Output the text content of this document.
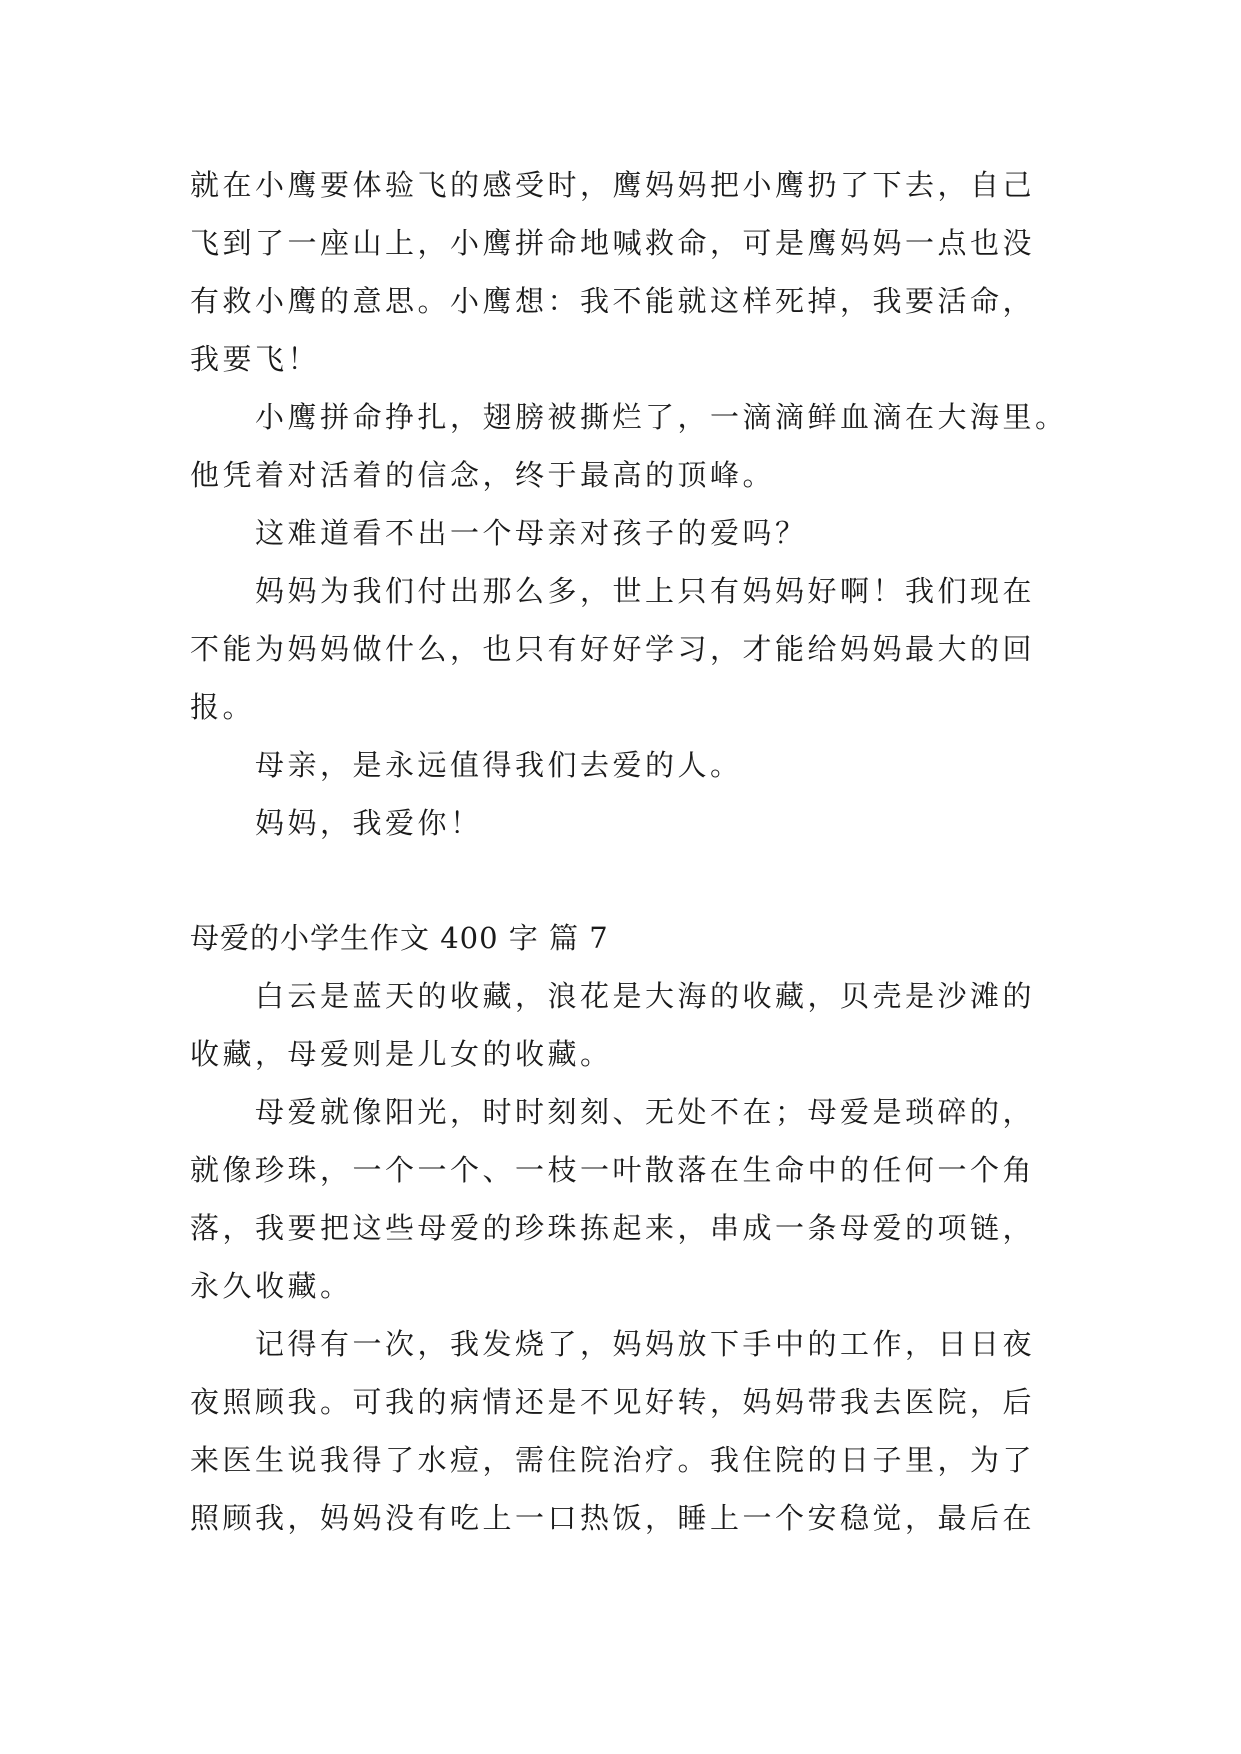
就在小鹰要体验飞的感受时，鹰妈妈把小鹰扔了下去，自己
飞到了一座山上，小鹰拼命地喊救命，可是鹰妈妈一点也没
有救小鹰的意思。小鹰想：我不能就这样死掉，我要活命，
我要飞！
小鹰拼命挣扎，翅膀被撕烂了，一滴滴鲜血滴在大海里。
他凭着对活着的信念，终于最高的顶峰。
这难道看不出一个母亲对孩子的爱吗？
妈妈为我们付出那么多，世上只有妈妈好啊！我们现在
不能为妈妈做什么，也只有好好学习，才能给妈妈最大的回
报。
母亲，是永远值得我们去爱的人。
妈妈，我爱你！
母爱的小学生作文 400 字 篇 7
白云是蓝天的收藏，浪花是大海的收藏，贝壳是沙滩的
收藏，母爱则是儿女的收藏。
母爱就像阳光，时时刻刻、无处不在；母爱是琐碎的，
就像珍珠，一个一个、一枝一叶散落在生命中的任何一个角
落，我要把这些母爱的珍珠拣起来，串成一条母爱的项链，
永久收藏。
记得有一次，我发烧了，妈妈放下手中的工作，日日夜
夜照顾我。可我的病情还是不见好转，妈妈带我去医院，后
来医生说我得了水痘，需住院治疗。我住院的日子里，为了
照顾我，妈妈没有吃上一口热饭，睡上一个安稳觉，最后在
